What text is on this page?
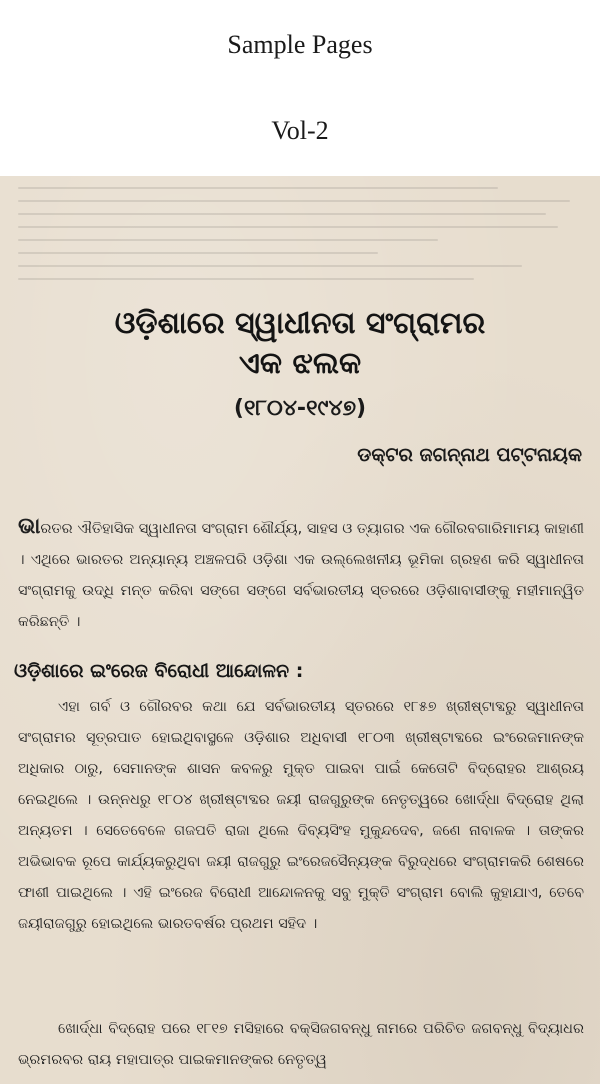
Sample Pages
Vol-2
ଓଡ଼ିଶାରେ ସ୍ୱାଧୀନତା ସଂଗ୍ରାମର
ଏକ ଝଲକ
(୧୮୦୪-୧୯୪୭)
ଡକ୍ଟର ଜଗନ୍ନାଥ ପଟ୍ଟନାୟକ
ଭାରତର ଐତିହାସିକ ସ୍ୱାଧୀନତା ସଂଗ୍ରାମ ଶୌର୍ଯ୍ୟ, ସାହସ ଓ ତ୍ୟାଗର ଏକ ଗୌରବଗାରିମାମୟ କାହାଣୀ । ଏଥିରେ ଭାରତର ଅନ୍ୟାନ୍ୟ ଅଞ୍ଚଳପରି ଓଡ଼ିଶା ଏକ ଉଲ୍ଲେଖନୀୟ ଭୂମିକା ଗ୍ରହଣ କରି ସ୍ୱାଧୀନତା ସଂଗ୍ରାମକୁ ଉଦ୍ଧି ମନ୍ତ କରିବା ସଙ୍ଗେ ସଙ୍ଗେ ସର୍ବଭାରତୀୟ ସ୍ତରରେ ଓଡ଼ିଶାବାସୀଙ୍କୁ ମହୀମାନ୍ୱିତ କରିଛନ୍ତି ।
ଓଡ଼ିଶାରେ ଇଂରେଜ ବିରୋଧୀ ଆନ୍ଦୋଳନ :
ଏହା ଗର୍ବ ଓ ଗୌରବର କଥା ଯେ ସର୍ବଭାରତୀୟ ସ୍ତରରେ ୧୮୫୭ ଖ୍ରୀଷ୍ଟାବ୍ଦରୁ ସ୍ୱାଧୀନତା ସଂଗ୍ରାମର ସୂତ୍ରପାତ ହୋଇଥିବାସ୍ଥଳେ ଓଡ଼ିଶାର ଅଧିବାସୀ ୧୮୦୩ ଖ୍ରୀଷ୍ଟାବ୍ଦରେ ଇଂରେଜମାନଙ୍କ ଅଧିକାର ଠାରୁ, ସେମାନଙ୍କ ଶାସନ କବଳରୁ ମୁକ୍ତ ପାଇବା ପାଇଁ କେତୋଟି ବିଦ୍ରୋହର ଆଶ୍ରୟ ନେଇଥିଲେ । ଉନ୍ନଧରୁ ୧୮୦୪ ଖ୍ରୀଷ୍ଟାବ୍ଦର ଜୟୀ ରାଜଗୁରୁଙ୍କ ନେତୃତ୍ୱରେ ଖୋର୍ଦ୍ଧା ବିଦ୍ରୋହ ଥିଲା ଅନ୍ୟତମ । ସେତେବେଳେ ଗଜପତି ରାଜା ଥିଲେ ଦିବ୍ୟସିଂହ ମୁକୁନ୍ଦଦେବ, ଜଣେ ନାବାଳକ । ତାଙ୍କର ଅଭିଭାବକ ରୂପେ କାର୍ଯ୍ୟକରୁଥିବା ଜୟୀ ରାଜଗୁରୁ ଇଂରେଜସୈନ୍ୟଙ୍କ ବିରୁଦ୍ଧରେ ସଂଗ୍ରାମକରି ଶେଷରେ ଫାଶୀ ପାଇଥିଲେ । ଏହି ଇଂରେଜ ବିରୋଧୀ ଆନ୍ଦୋଳନକୁ ସବୁ ମୁକ୍ତି ସଂଗ୍ରାମ ବୋଲି କୁହାଯାଏ, ତେବେ ଜୟୀରାଜଗୁରୁ ହୋଇଥିଲେ ଭାରତବର୍ଷର ପ୍ରଥମ ସହିଦ ।
ଖୋର୍ଦ୍ଧା ବିଦ୍ରୋହ ପରେ ୧୮୧୭ ମସିହାରେ ବକ୍ସିଜଗବନ୍ଧୁ ନାମରେ ପରିଚିତ ଜଗବନ୍ଧୁ ବିଦ୍ୟାଧର ଭ୍ରମରବର ରାୟ ମହାପାତ୍ର ପାଇକମାନଙ୍କର ନେତୃତ୍ୱ
